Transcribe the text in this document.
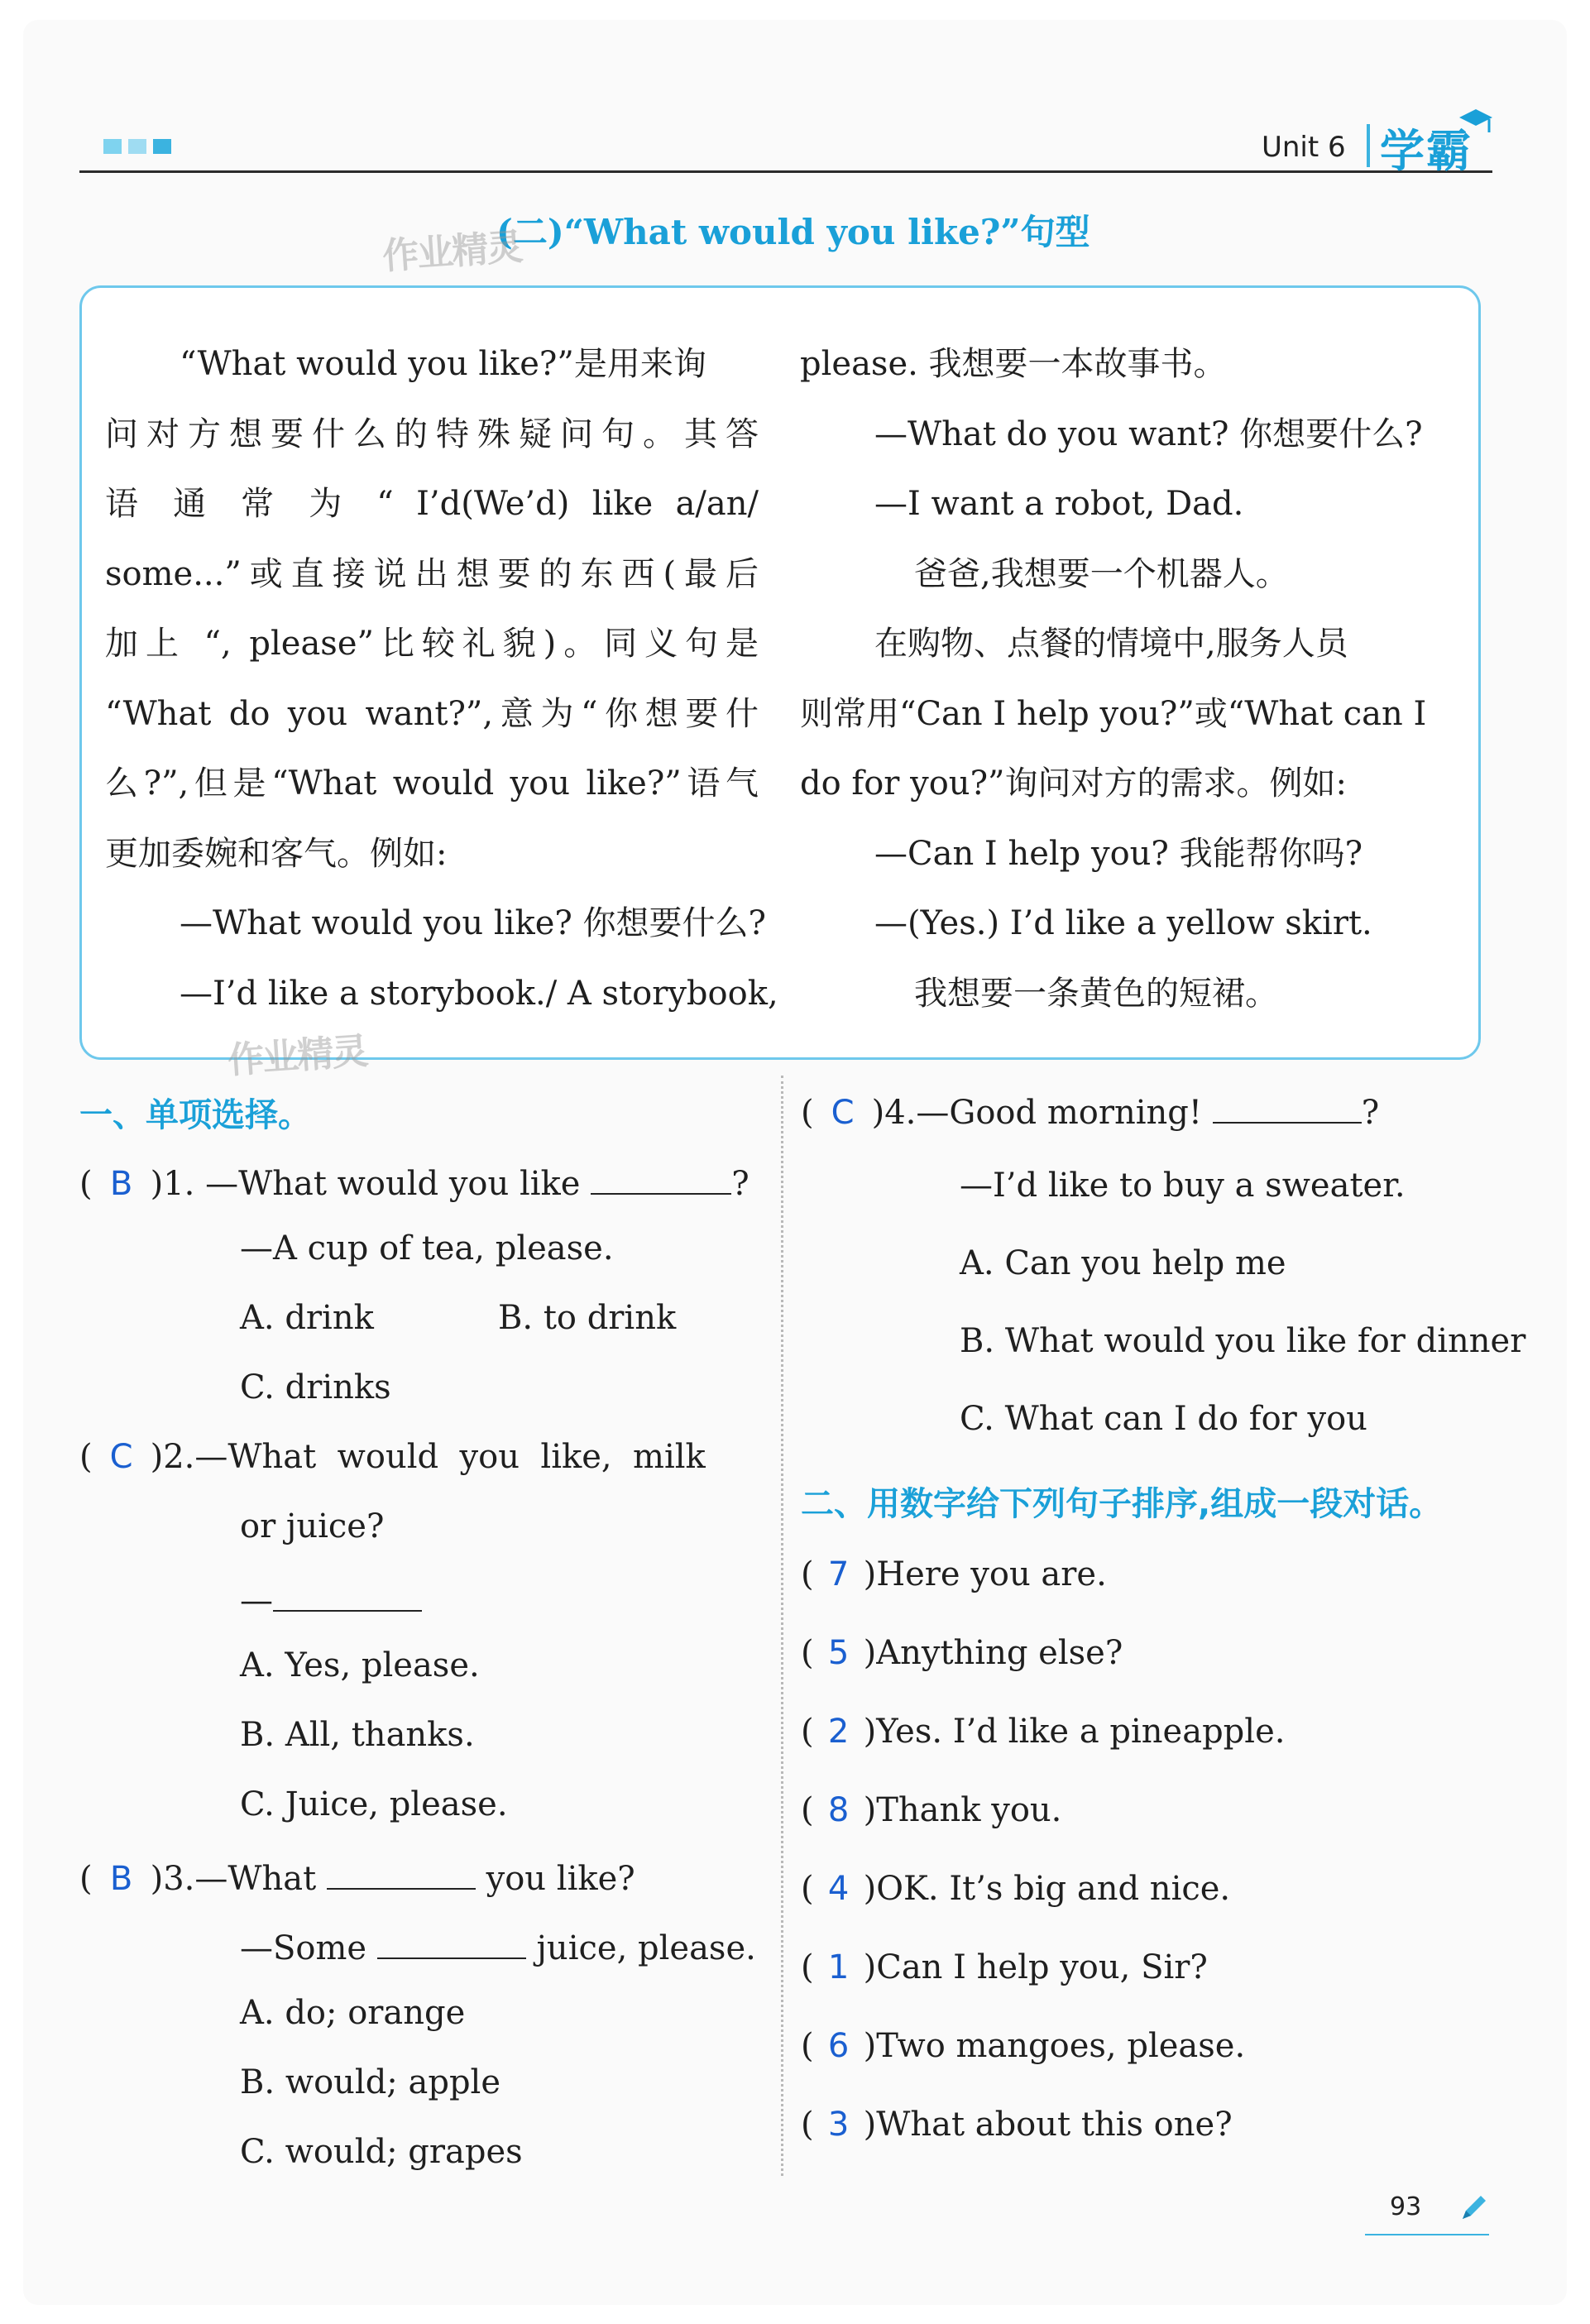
Unit 6 学霸
(二)“What would you like?”句型
作业精灵

“What would you like?”是用来询

问对方想要什么的特殊疑问句。其答

语 通 常 为 “ I’d(We’d) like a/an/

some...”或直接说出想要的东西(最后

加上 “, please”比较礼貌)。同义句是

“What do you want?”,意为“你想要什

么?”,但是“What would you like?”语气

更加委婉和客气。例如:

—What would you like? 你想要什么?

—I’d like a storybook./ A storybook,

please. 我想要一本故事书。

—What do you want? 你想要什么?

—I want a robot, Dad.

爸爸,我想要一个机器人。

在购物、点餐的情境中,服务人员

则常用“Can I help you?”或“What can I

do for you?”询问对方的需求。例如:

—Can I help you? 我能帮你吗?

—(Yes.) I’d like a yellow skirt.

我想要一条黄色的短裙。

作业精灵
一、单项选择。
(B )1. —What would you like	?
—A cup of tea, please.
A. drink	B. to drink
C. drinks
(C )2.—What  would  you  like,  milk
or juice?
—
A. Yes, please.
B. All, thanks.
C. Juice, please.
(B )3.—What	you like?
—Some	juice, please.
A. do; orange
B. would; apple
C. would; grapes
(C )4.—Good morning!	?
—I’d like to buy a sweater.
A. Can you help me
B. What would you like for dinner
C. What can I do for you
二、用数字给下列句子排序,组成一段对话。
(7 )Here you are.
(5 )Anything else?
(2 )Yes. I’d like a pineapple.
(8 )Thank you.
(4 )OK. It’s big and nice.
(1 )Can I help you, Sir?
(6 )Two mangoes, please.
(3 )What about this one?
93
